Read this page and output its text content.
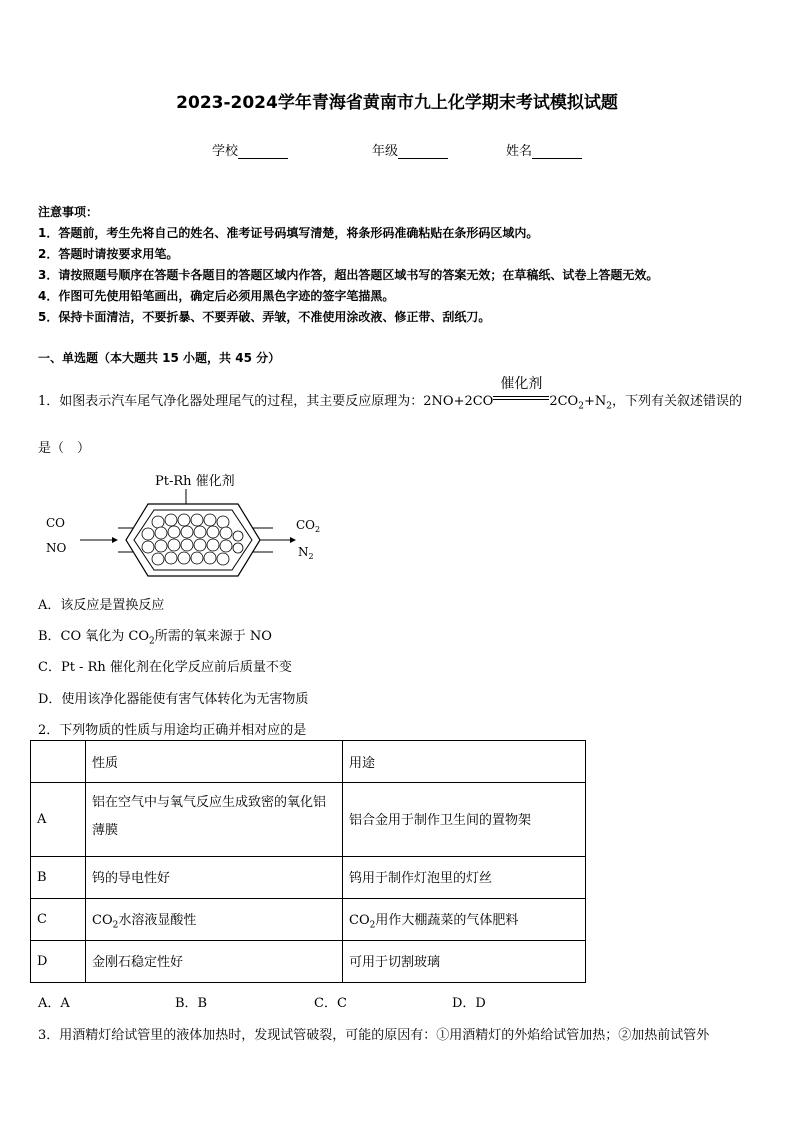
2023-2024学年青海省黄南市九上化学期末考试模拟试题
学校	年级	姓名
注意事项：
1．答题前，考生先将自己的姓名、准考证号码填写清楚，将条形码准确粘贴在条形码区域内。
2．答题时请按要求用笔。
3．请按照题号顺序在答题卡各题目的答题区域内作答，超出答题区域书写的答案无效；在草稿纸、试卷上答题无效。
4．作图可先使用铅笔画出，确定后必须用黑色字迹的签字笔描黑。
5．保持卡面清洁，不要折暴、不要弄破、弄皱，不准使用涂改液、修正带、刮纸刀。
一、单选题（本大题共 15 小题，共 45 分）
1．如图表示汽车尾气净化器处理尾气的过程，其主要反应原理为：2NO+2CO
催化剂
$2CO_2+N_2$，下列有关叙述错误的
是（　）
Pt-Rh 催化剂
CO
NO
$CO_2$
$N_2$
A．该反应是置换反应
B．CO 氧化为 $CO_2$所需的氧来源于 NO
C．Pt - Rh 催化剂在化学反应前后质量不变
D．使用该净化器能使有害气体转化为无害物质
2．下列物质的性质与用途均正确并相对应的是
	性质	用途
A	铝在空气中与氧气反应生成致密的氧化铝薄膜	铝合金用于制作卫生间的置物架
B	钨的导电性好	钨用于制作灯泡里的灯丝
C	$CO_2$水溶液显酸性	$CO_2$用作大棚蔬菜的气体肥料
D	金刚石稳定性好	可用于切割玻璃
A．A	B．B	C．C	D．D
3．用酒精灯给试管里的液体加热时，发现试管破裂，可能的原因有：①用酒精灯的外焰给试管加热；②加热前试管外
